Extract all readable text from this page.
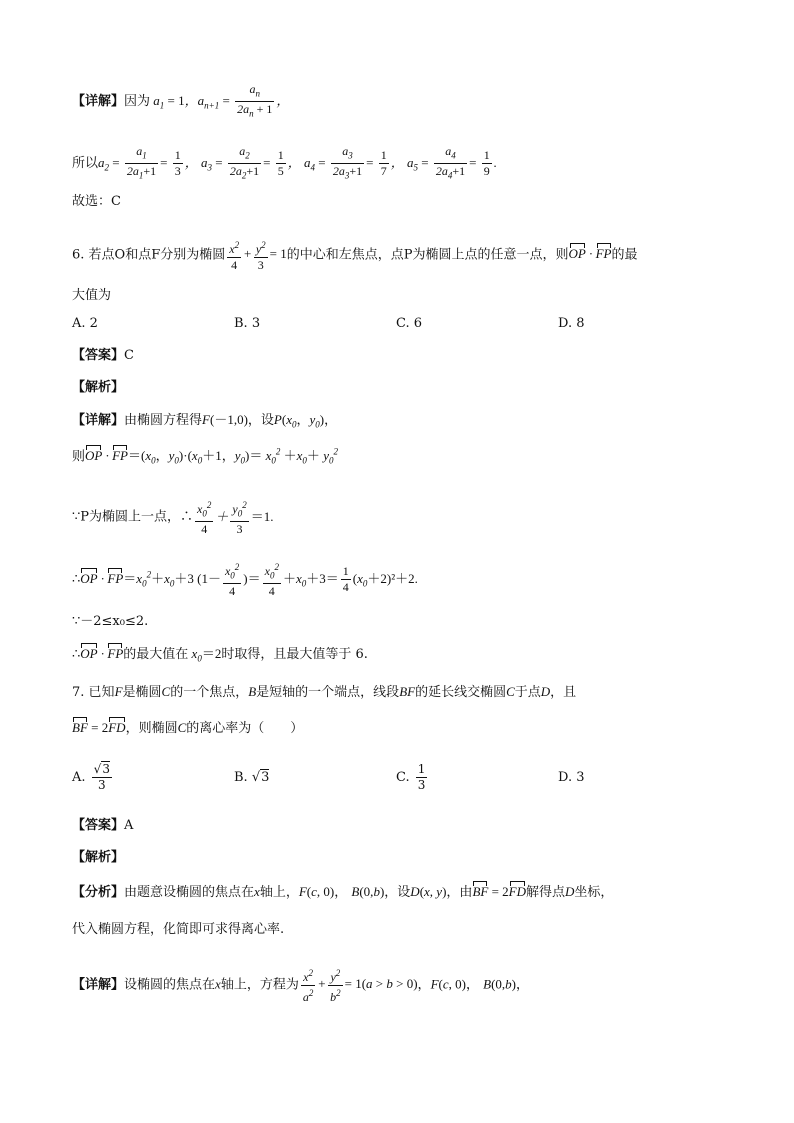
【详解】因为 $a_1 = 1$，$a_{n+1} = \frac{a_n}{2a_n + 1}$ ，
所以$a_2 = \frac{a_1}{2a_1+1} = \frac{1}{3}$ ， $a_3 = \frac{a_2}{2a_2+1} = \frac{1}{5}$ ， $a_4 = \frac{a_3}{2a_3+1} = \frac{1}{7}$ ， $a_5 = \frac{a_4}{2a_4+1} = \frac{1}{9}$ .
故选：C
6. 若点O和点F分别为椭圆 $\frac{x^2}{4} + \frac{y^2}{3} = 1$的中心和左焦点，点P为椭圆上点的任意一点，则OP · FP的最
大值为
A. 2	B. 3	C. 6	D. 8
【答案】C
【解析】
【详解】由椭圆方程得F(－1,0)，设$P(x_0$，$y_0$)，
则OP · $FP=(x_0$，$y_0)\cdot(x_0+1$，$y_0)= x_0^2 +x_0+ y_0^2$
∵P为椭圆上一点，∴ $\frac{x_0^2}{4} + \frac{y_0^2}{3} =1$.
∴OP · $FP=x_0^2+x_0+3$ ($1- \frac{x_0^2}{4}$ )＝ $\frac{x_0^2}{4} +x_0+3= \frac{1}{4} (x_0+2)^2+2$.
∵－2≤x₀≤2.
∴OP · FP的最大值在 $x_0=2$时取得，且最大值等于 6.
7. 已知F是椭圆C的一个焦点，B是短轴的一个端点，线段BF的延长线交椭圆C于点D，且
BF = 2FD，则椭圆C的离心率为（　　）
A. $\frac{√3}{3}$	B. √3	C. $\frac{1}{3}$	D. 3
【答案】A
【解析】
【分析】由题意设椭圆的焦点在x轴上，F(c, 0)， B(0,b)，设D(x, y)，由BF = 2FD解得点D坐标，
代入椭圆方程，化简即可求得离心率.
【详解】设椭圆的焦点在x轴上，方程为 $\frac{x^2}{a^2} + \frac{y^2}{b^2} = 1(a > b > 0)$，F(c, 0)， B(0,b)，
